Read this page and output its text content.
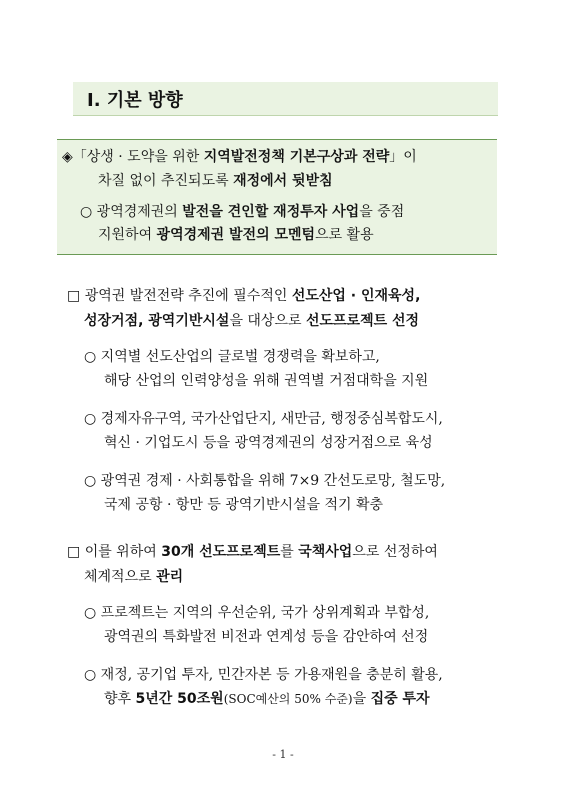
Ⅰ. 기본 방향
◈「상생 · 도약을 위한 지역발전정책 기본구상과 전략」이
차질 없이 추진되도록 재정에서 뒷받침
○ 광역경제권의 발전을 견인할 재정투자 사업을 중점
지원하여 광역경제권 발전의 모멘텀으로 활용
□ 광역권 발전전략 추진에 필수적인 선도산업 · 인재육성,
성장거점, 광역기반시설을 대상으로 선도프로젝트 선정
○ 지역별 선도산업의 글로벌 경쟁력을 확보하고,
해당 산업의 인력양성을 위해 권역별 거점대학을 지원
○ 경제자유구역, 국가산업단지, 새만금, 행정중심복합도시,
혁신 · 기업도시 등을 광역경제권의 성장거점으로 육성
○ 광역권 경제 · 사회통합을 위해 7×9 간선도로망, 철도망,
국제 공항 · 항만 등 광역기반시설을 적기 확충
□ 이를 위하여 30개 선도프로젝트를 국책사업으로 선정하여
체계적으로 관리
○ 프로젝트는 지역의 우선순위, 국가 상위계획과 부합성,
광역권의 특화발전 비전과 연계성 등을 감안하여 선정
○ 재정, 공기업 투자, 민간자본 등 가용재원을 충분히 활용,
향후 5년간 50조원(SOC예산의 50% 수준)을 집중 투자
- 1 -
